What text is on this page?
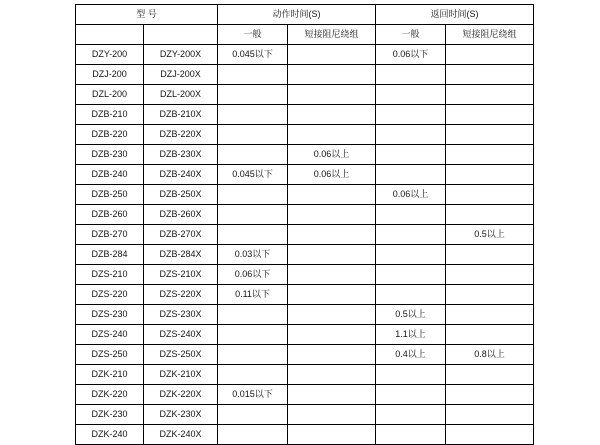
型 号		动作时间(S)		返回时间(S)	
		一般	短接阻尼绕组	一般	短接阻尼绕组
DZY-200	DZY-200X	0.045以下		0.06以下	
DZJ-200	DZJ-200X				
DZL-200	DZL-200X				
DZB-210	DZB-210X				
DZB-220	DZB-220X				
DZB-230	DZB-230X		0.06以上		
DZB-240	DZB-240X	0.045以下	0.06以上		
DZB-250	DZB-250X			0.06以上	
DZB-260	DZB-260X				
DZB-270	DZB-270X				0.5以上
DZB-284	DZB-284X	0.03以下			
DZS-210	DZS-210X	0.06以下			
DZS-220	DZS-220X	0.11以下			
DZS-230	DZS-230X			0.5以上	
DZS-240	DZS-240X			1.1以上	
DZS-250	DZS-250X			0.4以上	0.8以上
DZK-210	DZK-210X				
DZK-220	DZK-220X	0.015以下			
DZK-230	DZK-230X				
DZK-240	DZK-240X				
